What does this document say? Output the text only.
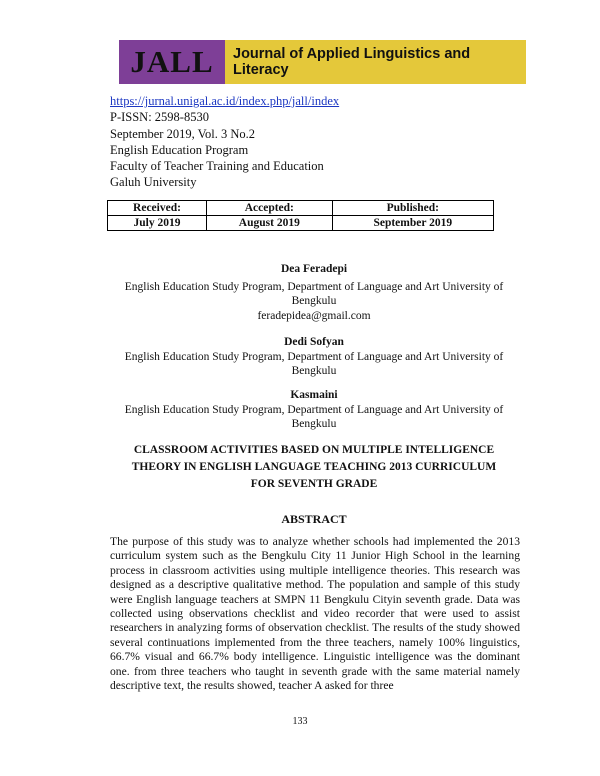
JALL	Journal of Applied Linguistics and Literacy
https://jurnal.unigal.ac.id/index.php/jall/index
P-ISSN: 2598-8530
September 2019, Vol. 3 No.2
English Education Program
Faculty of Teacher Training and Education
Galuh University
Received:	Accepted:	Published:
July 2019	August 2019	September 2019
Dea Feradepi
English Education Study Program, Department of Language and Art University of Bengkulu
feradepidea@gmail.com
Dedi Sofyan
English Education Study Program, Department of Language and Art University of Bengkulu
Kasmaini
English Education Study Program, Department of Language and Art University of Bengkulu
CLASSROOM ACTIVITIES BASED ON MULTIPLE INTELLIGENCE THEORY IN ENGLISH LANGUAGE TEACHING 2013 CURRICULUM FOR SEVENTH GRADE
ABSTRACT
The purpose of this study was to analyze whether schools had implemented the 2013 curriculum system such as the Bengkulu City 11 Junior High School in the learning process in classroom activities using multiple intelligence theories. This research was designed as a descriptive qualitative method. The population and sample of this study were English language teachers at SMPN 11 Bengkulu Cityin seventh grade. Data was collected using observations checklist and video recorder that were used to assist researchers in analyzing forms of observation checklist. The results of the study showed several continuations implemented from the three teachers, namely 100% linguistics, 66.7% visual and 66.7% body intelligence. Linguistic intelligence was the dominant one. from three teachers who taught in seventh grade with the same material namely descriptive text, the results showed, teacher A asked for three
133
